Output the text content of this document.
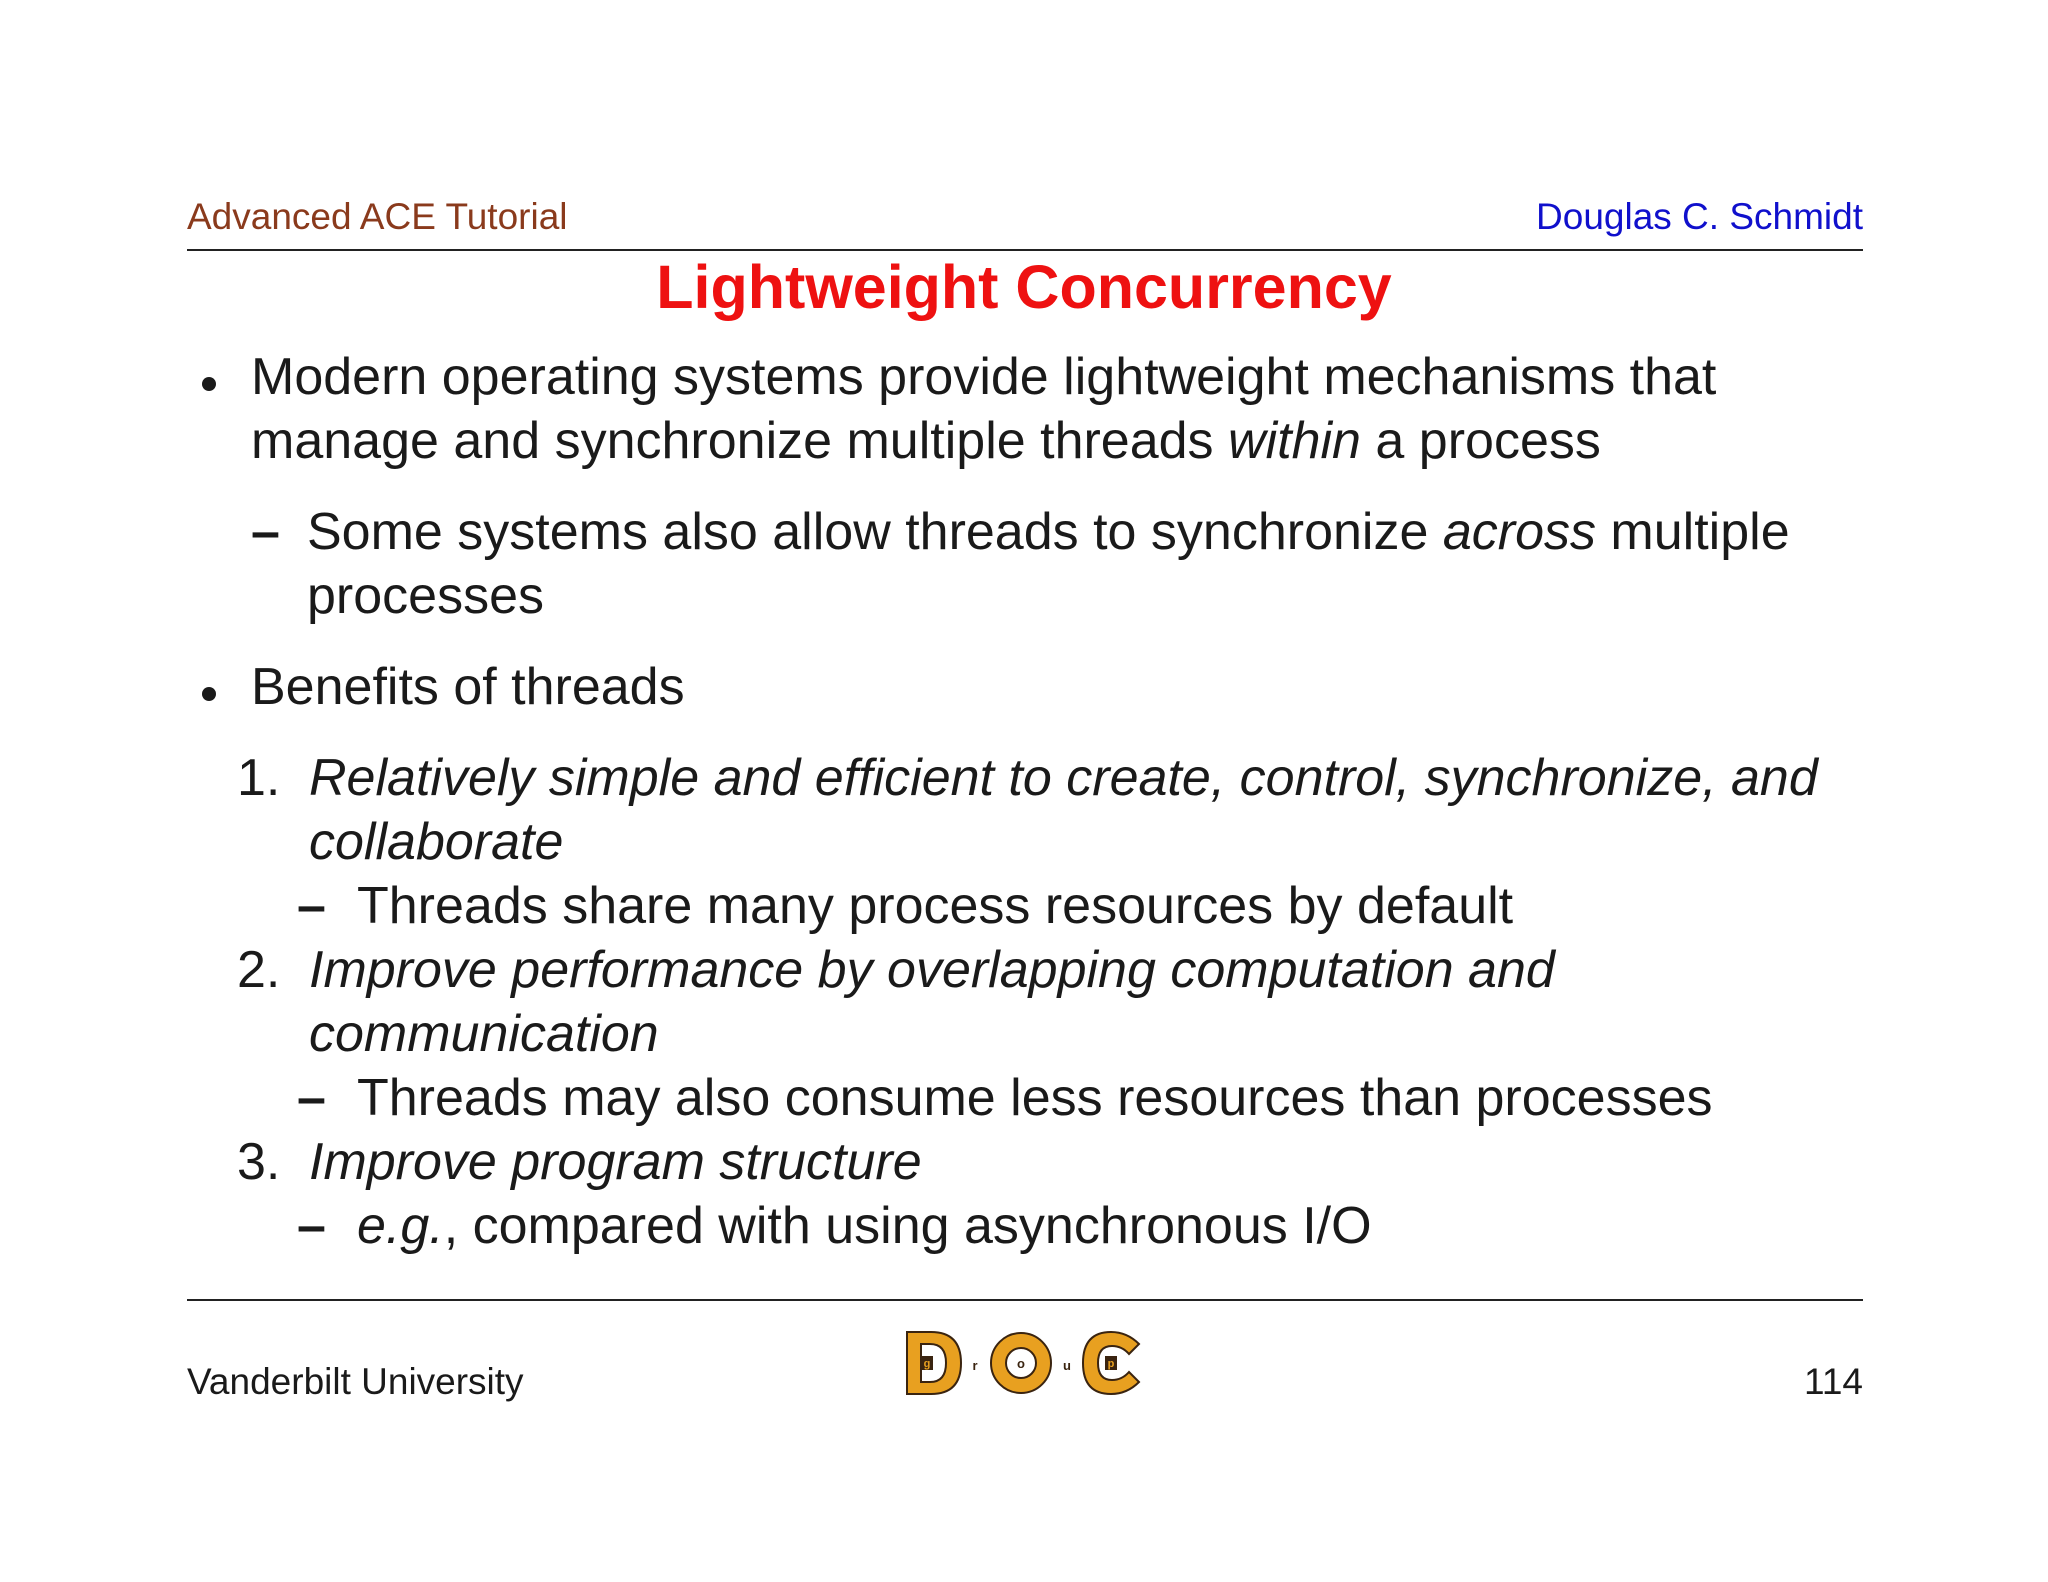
Advanced ACE Tutorial	Douglas C. Schmidt
Lightweight Concurrency
Modern operating systems provide lightweight mechanisms that
manage and synchronize multiple threads within a process
– Some systems also allow threads to synchronize across multiple
processes
Benefits of threads
1. Relatively simple and efficient to create, control, synchronize, and
collaborate
– Threads share many process resources by default
2. Improve performance by overlapping computation and
communication
– Threads may also consume less resources than processes
3. Improve program structure
– e.g., compared with using asynchronous I/O
Vanderbilt University	g	r	o	u	p	114
